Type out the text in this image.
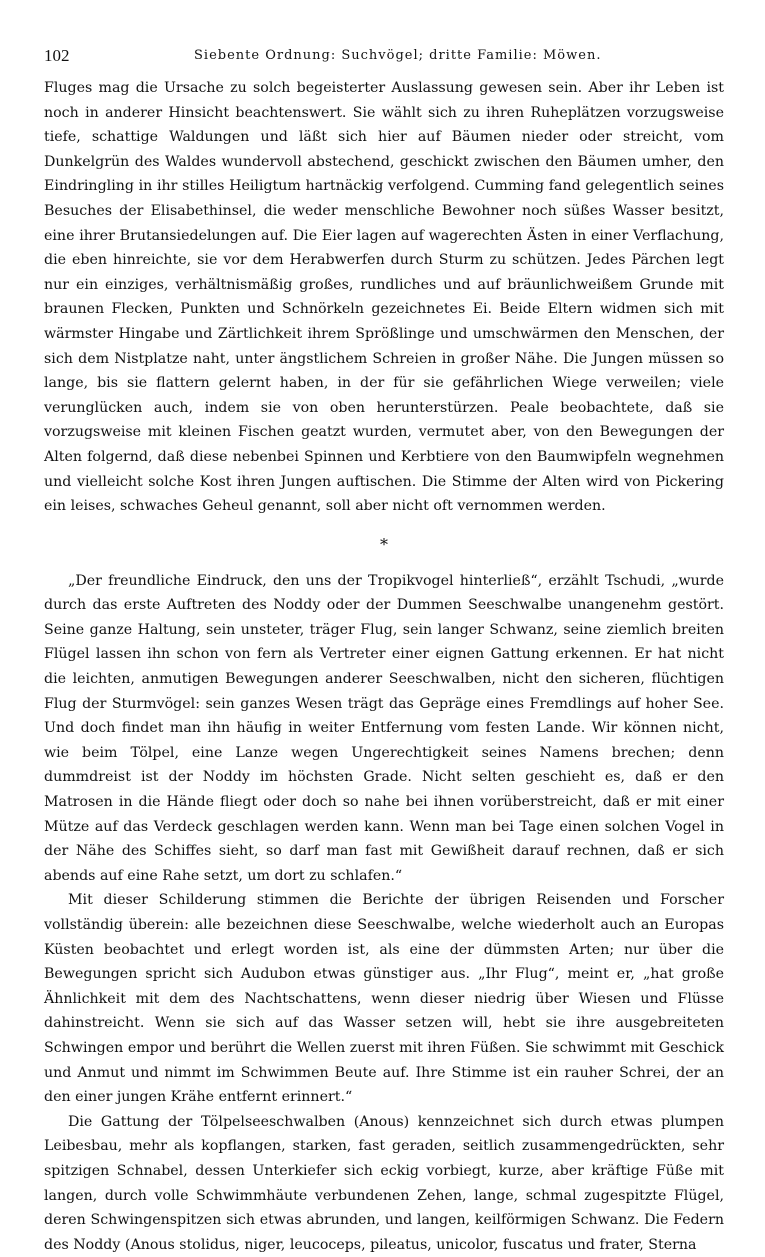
102	Siebente Ordnung: Suchvögel; dritte Familie: Möwen.

Fluges mag die Ursache zu solch begeisterter Auslassung gewesen sein. Aber ihr Leben ist noch in anderer Hinsicht beachtenswert. Sie wählt sich zu ihren Ruheplätzen vorzugsweise tiefe, schattige Waldungen und läßt sich hier auf Bäumen nieder oder streicht, vom Dunkelgrün des Waldes wundervoll abstechend, geschickt zwischen den Bäumen umher, den Eindringling in ihr stilles Heiligtum hartnäckig verfolgend. Cumming fand gelegentlich seines Besuches der Elisabethinsel, die weder menschliche Bewohner noch süßes Wasser besitzt, eine ihrer Brutansiedelungen auf. Die Eier lagen auf wagerechten Ästen in einer Verflachung, die eben hinreichte, sie vor dem Herabwerfen durch Sturm zu schützen. Jedes Pärchen legt nur ein einziges, verhältnismäßig großes, rundliches und auf bräunlichweißem Grunde mit braunen Flecken, Punkten und Schnörkeln gezeichnetes Ei. Beide Eltern widmen sich mit wärmster Hingabe und Zärtlichkeit ihrem Sprößlinge und umschwärmen den Menschen, der sich dem Nistplatze naht, unter ängstlichem Schreien in großer Nähe. Die Jungen müssen so lange, bis sie flattern gelernt haben, in der für sie gefährlichen Wiege verweilen; viele verunglücken auch, indem sie von oben herunterstürzen. Peale beobachtete, daß sie vorzugsweise mit kleinen Fischen geatzt wurden, vermutet aber, von den Bewegungen der Alten folgernd, daß diese nebenbei Spinnen und Kerbtiere von den Baumwipfeln wegnehmen und vielleicht solche Kost ihren Jungen auftischen. Die Stimme der Alten wird von Pickering ein leises, schwaches Geheul genannt, soll aber nicht oft vernommen werden.

*

„Der freundliche Eindruck, den uns der Tropikvogel hinterließ“, erzählt Tschudi, „wurde durch das erste Auftreten des Noddy oder der Dummen Seeschwalbe unangenehm gestört. Seine ganze Haltung, sein unsteter, träger Flug, sein langer Schwanz, seine ziemlich breiten Flügel lassen ihn schon von fern als Vertreter einer eignen Gattung erkennen. Er hat nicht die leichten, anmutigen Bewegungen anderer Seeschwalben, nicht den sicheren, flüchtigen Flug der Sturmvögel: sein ganzes Wesen trägt das Gepräge eines Fremdlings auf hoher See. Und doch findet man ihn häufig in weiter Entfernung vom festen Lande. Wir können nicht, wie beim Tölpel, eine Lanze wegen Ungerechtigkeit seines Namens brechen; denn dummdreist ist der Noddy im höchsten Grade. Nicht selten geschieht es, daß er den Matrosen in die Hände fliegt oder doch so nahe bei ihnen vorüberstreicht, daß er mit einer Mütze auf das Verdeck geschlagen werden kann. Wenn man bei Tage einen solchen Vogel in der Nähe des Schiffes sieht, so darf man fast mit Gewißheit darauf rechnen, daß er sich abends auf eine Rahe setzt, um dort zu schlafen.“

Mit dieser Schilderung stimmen die Berichte der übrigen Reisenden und Forscher vollständig überein: alle bezeichnen diese Seeschwalbe, welche wiederholt auch an Europas Küsten beobachtet und erlegt worden ist, als eine der dümmsten Arten; nur über die Bewegungen spricht sich Audubon etwas günstiger aus. „Ihr Flug“, meint er, „hat große Ähnlichkeit mit dem des Nachtschattens, wenn dieser niedrig über Wiesen und Flüsse dahinstreicht. Wenn sie sich auf das Wasser setzen will, hebt sie ihre ausgebreiteten Schwingen empor und berührt die Wellen zuerst mit ihren Füßen. Sie schwimmt mit Geschick und Anmut und nimmt im Schwimmen Beute auf. Ihre Stimme ist ein rauher Schrei, der an den einer jungen Krähe entfernt erinnert.“

Die Gattung der Tölpelseeschwalben (Anous) kennzeichnet sich durch etwas plumpen Leibesbau, mehr als kopflangen, starken, fast geraden, seitlich zusammengedrückten, sehr spitzigen Schnabel, dessen Unterkiefer sich eckig vorbiegt, kurze, aber kräftige Füße mit langen, durch volle Schwimmhäute verbundenen Zehen, lange, schmal zugespitzte Flügel, deren Schwingenspitzen sich etwas abrunden, und langen, keilförmigen Schwanz. Die Federn des Noddy (Anous stolidus, niger, leucoceps, pileatus, unicolor, fuscatus und frater, Sterna
